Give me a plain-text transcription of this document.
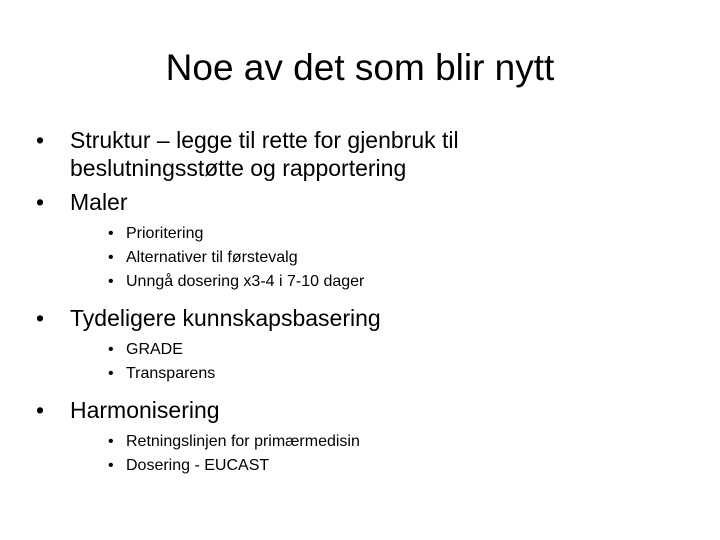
Noe av det som blir nytt
•	Struktur – legge til rette for gjenbruk til
beslutningsstøtte og rapportering
•	Maler
• Prioritering
• Alternativer til førstevalg
• Unngå dosering x3-4 i 7-10 dager
•	Tydeligere kunnskapsbasering
• GRADE
• Transparens
•	Harmonisering
• Retningslinjen for primærmedisin
• Dosering - EUCAST
